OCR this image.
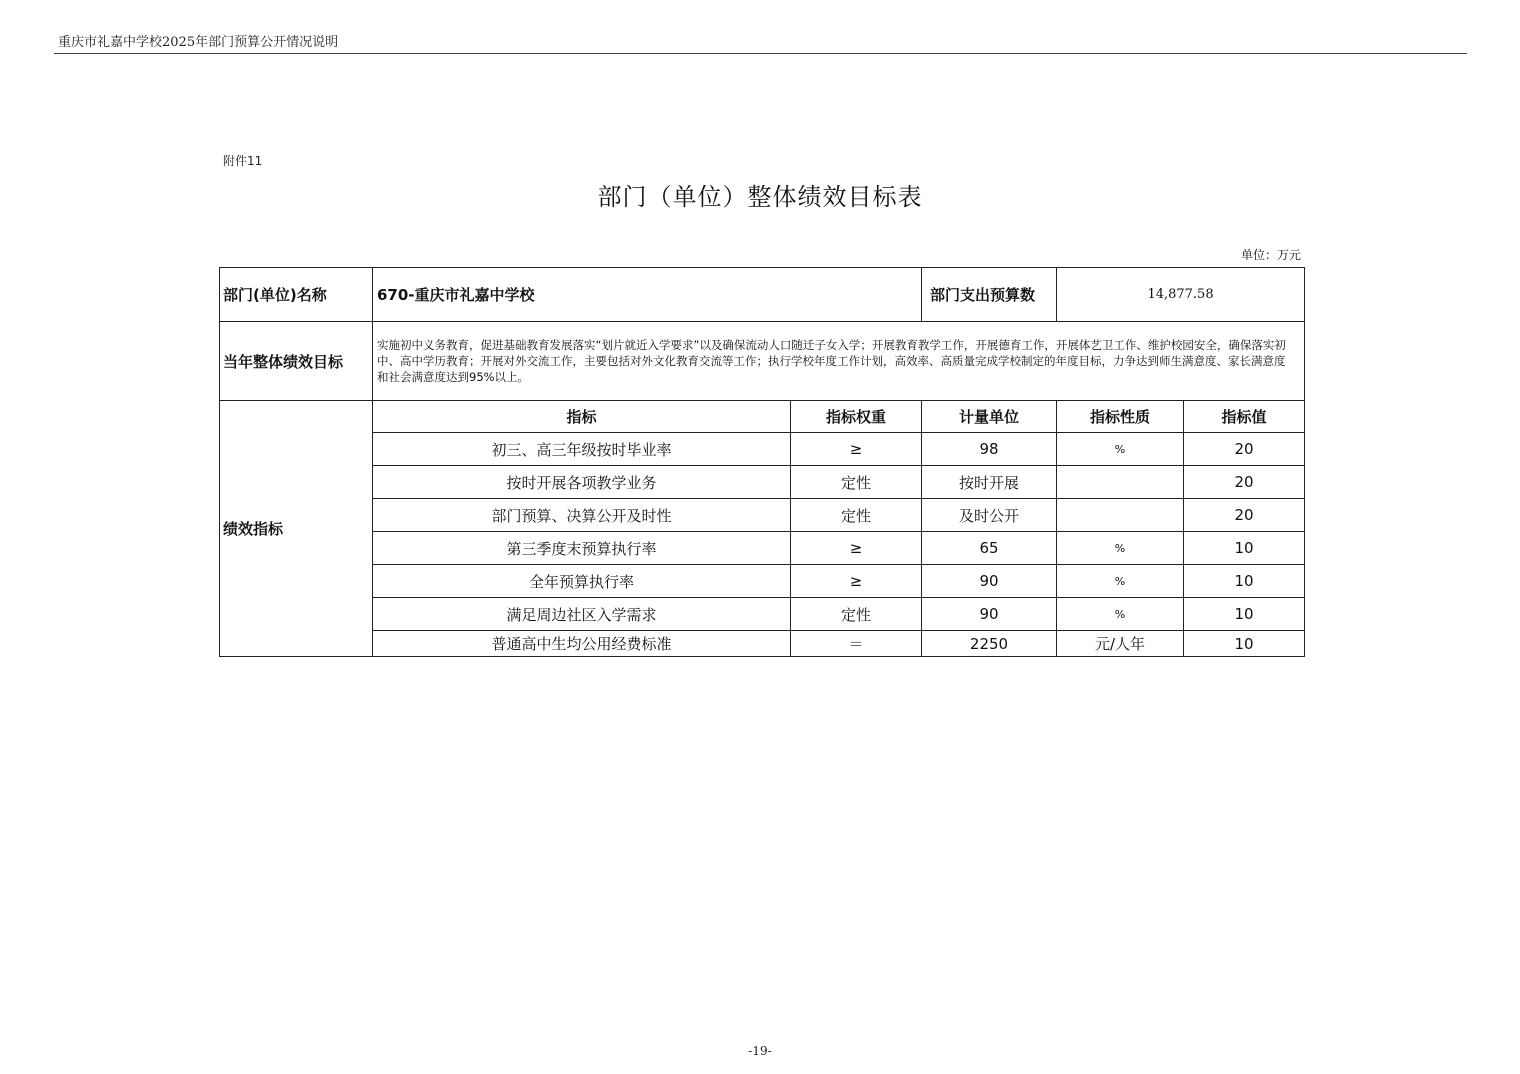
重庆市礼嘉中学校2025年部门预算公开情况说明
附件11
部门（单位）整体绩效目标表
单位：万元
部门(单位)名称	670-重庆市礼嘉中学校		部门支出预算数	14,877.58	
当年整体绩效目标	实施初中义务教育，促进基础教育发展落实“划片就近入学要求”以及确保流动人口随迁子女入学；开展教育教学工作，开展德育工作，开展体艺卫工作、维护校园安全，确保落实初中、高中学历教育；开展对外交流工作，主要包括对外文化教育交流等工作；执行学校年度工作计划，高效率、高质量完成学校制定的年度目标，力争达到师生满意度、家长满意度和社会满意度达到95%以上。				
绩效指标	指标	指标权重	计量单位	指标性质	指标值
	初三、高三年级按时毕业率	≥	98	%	20
	按时开展各项教学业务	定性	按时开展		20
	部门预算、决算公开及时性	定性	及时公开		20
	第三季度末预算执行率	≥	65	%	10
	全年预算执行率	≥	90	%	10
	满足周边社区入学需求	定性	90	%	10
	普通高中生均公用经费标准	＝	2250	元/人年	10
-19-
